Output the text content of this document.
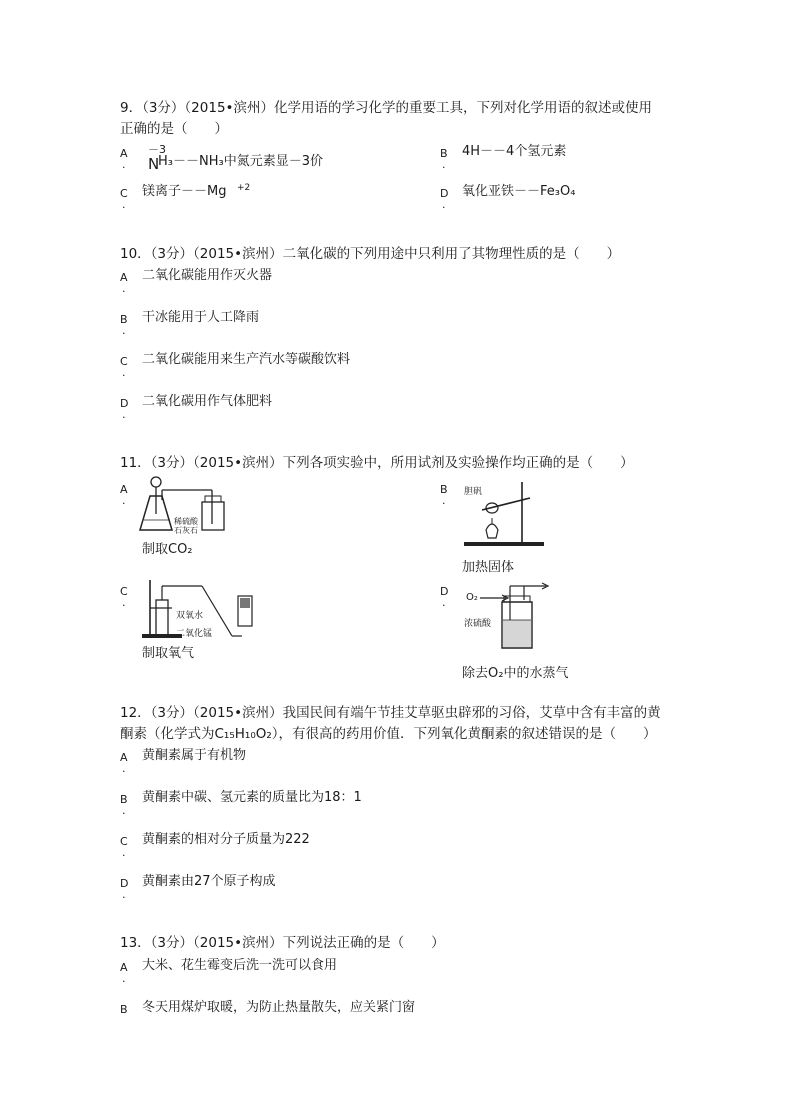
9．（3分）（2015•滨州）化学用语的学习化学的重要工具，下列对化学用语的叙述或使用
正确的是（　　）
A
.
－3
N
H₃－－NH₃中氮元素显－3价
B
.
4H－－4个氢元素
C
.
镁离子－－Mg +2	D
.
氧化亚铁－－Fe₃O₄
10．（3分）（2015•滨州）二氧化碳的下列用途中只利用了其物理性质的是（　　）
A
.
二氧化碳能用作灭火器
B
.
干冰能用于人工降雨
C
.
二氧化碳能用来生产汽水等碳酸饮料
D
.
二氧化碳用作气体肥料
11．（3分）（2015•滨州）下列各项实验中，所用试剂及实验操作均正确的是（　　）
A
.
稀硫酸
石灰石
制取CO₂
B
.
胆矾
加热固体
C
.
双氧水
二氧化锰
制取氧气
D
. O₂
浓硫酸
除去O₂中的水蒸气
12．（3分）（2015•滨州）我国民间有端午节挂艾草驱虫辟邪的习俗，艾草中含有丰富的黄
酮素（化学式为C₁₅H₁₀O₂），有很高的药用价值．下列氧化黄酮素的叙述错误的是（　　）
A
.
黄酮素属于有机物
B
.
黄酮素中碳、氢元素的质量比为18：1
C
.
黄酮素的相对分子质量为222
D
.
黄酮素由27个原子构成
13．（3分）（2015•滨州）下列说法正确的是（　　）
A
.
大米、花生霉变后洗一洗可以食用
B	冬天用煤炉取暖，为防止热量散失，应关紧门窗
